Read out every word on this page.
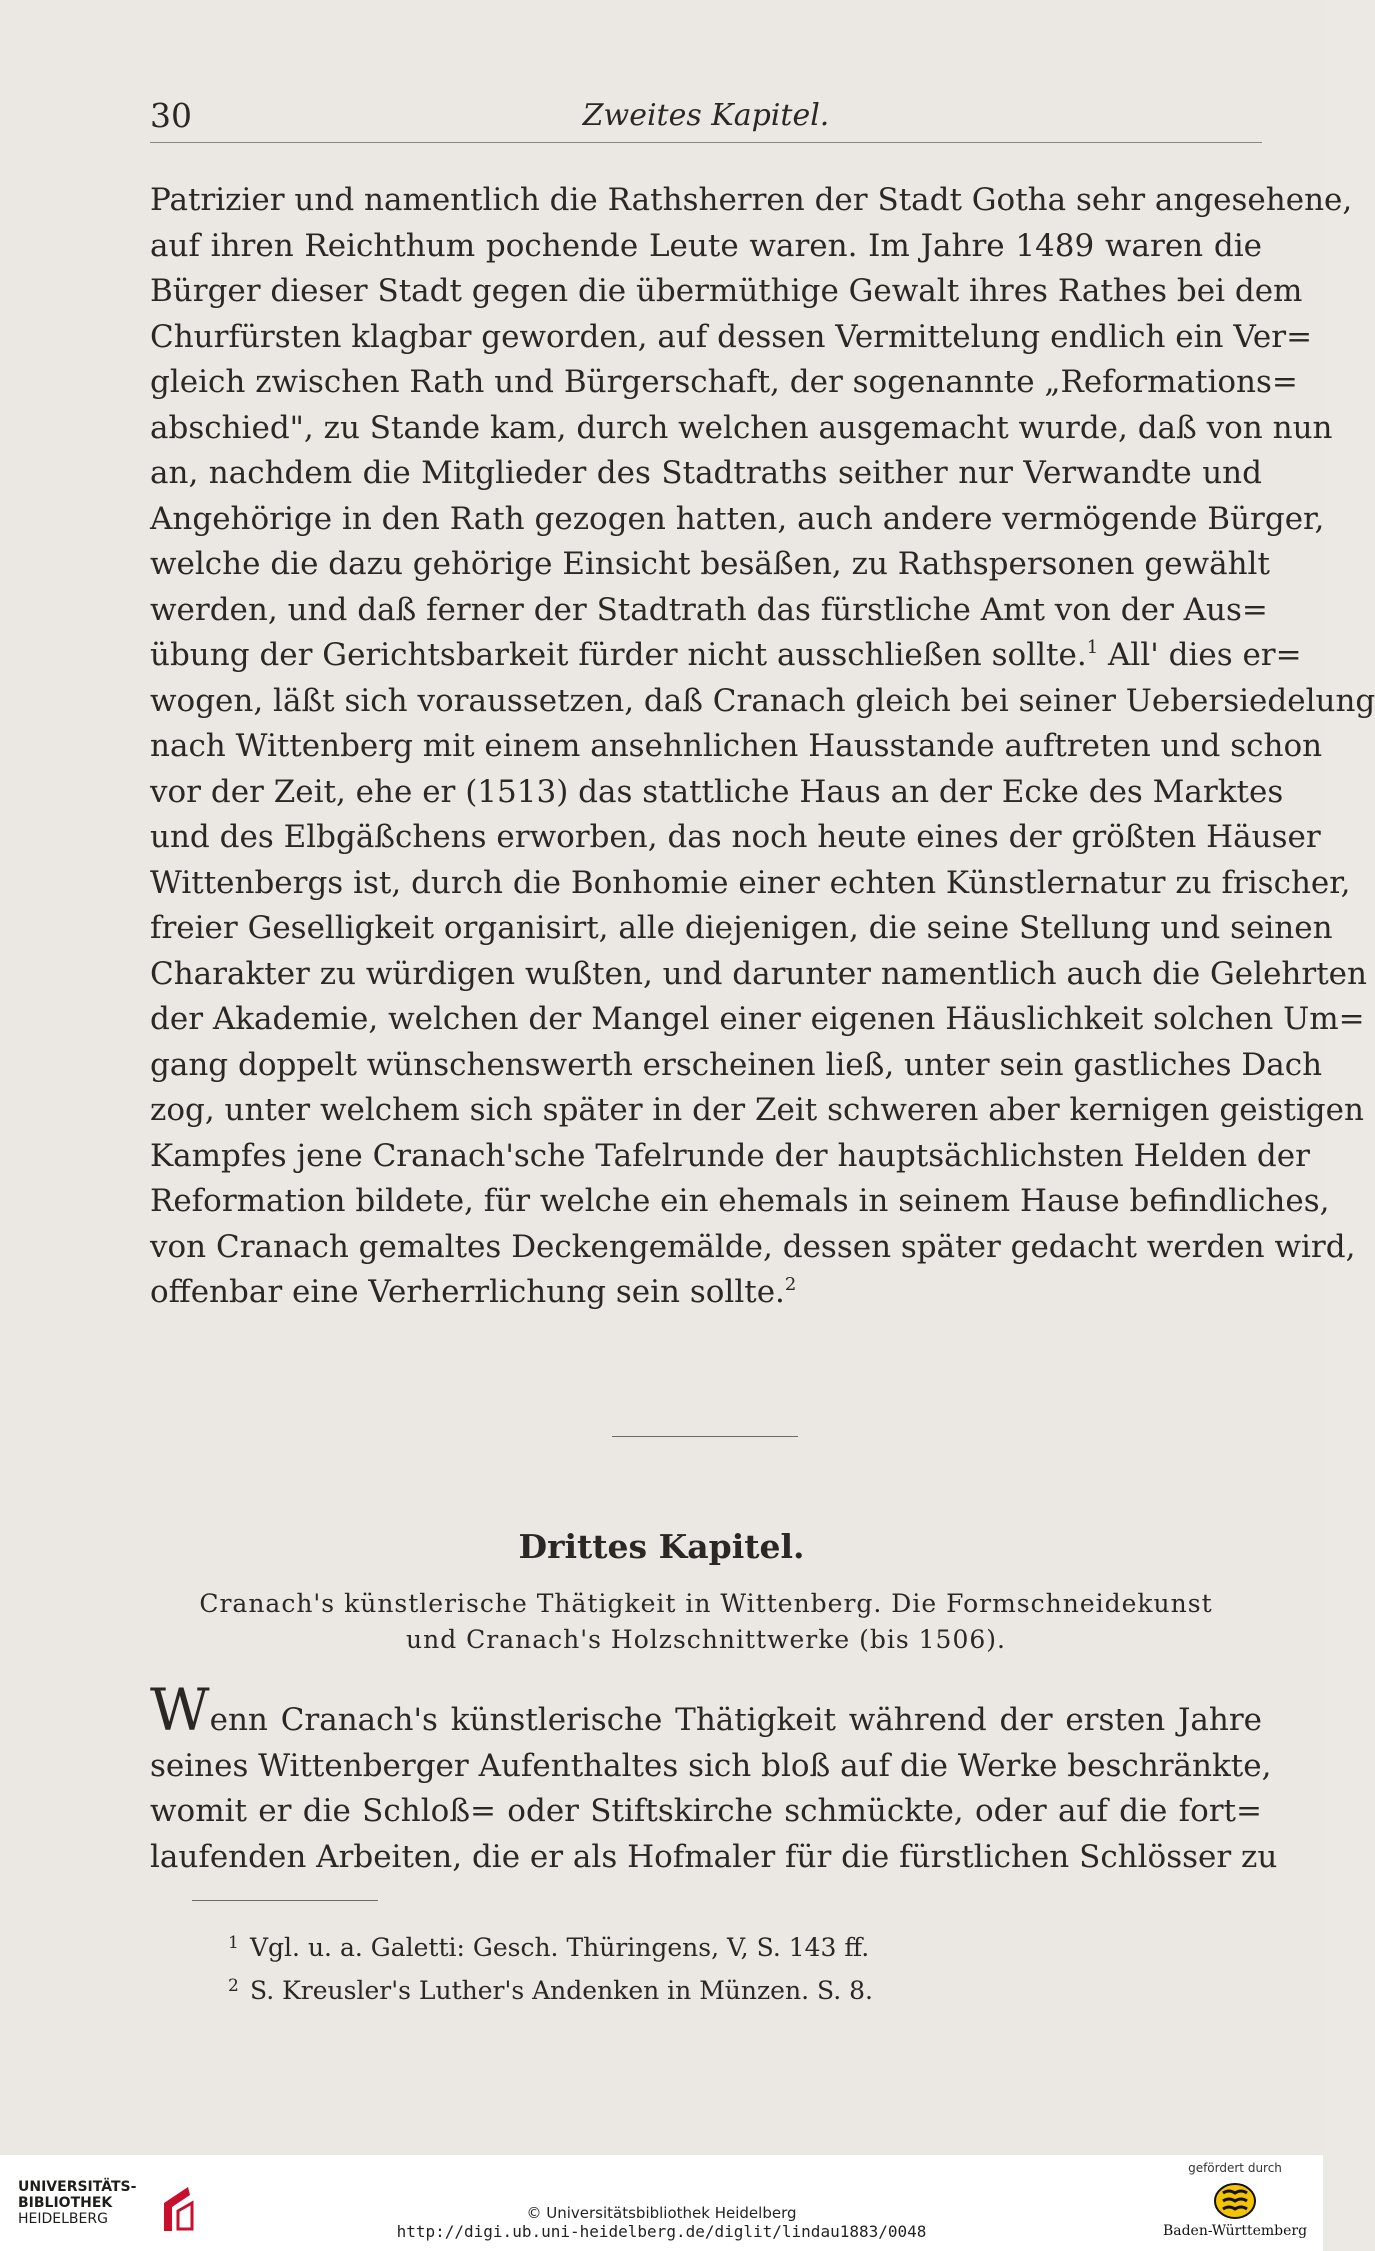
30	Zweites Kapitel.
Patrizier und namentlich die Rathsherren der Stadt Gotha sehr angesehene,
auf ihren Reichthum pochende Leute waren. Im Jahre 1489 waren die
Bürger dieser Stadt gegen die übermüthige Gewalt ihres Rathes bei dem
Churfürsten klagbar geworden, auf dessen Vermittelung endlich ein Ver=
gleich zwischen Rath und Bürgerschaft, der sogenannte „Reformations=
abschied", zu Stande kam, durch welchen ausgemacht wurde, daß von nun
an, nachdem die Mitglieder des Stadtraths seither nur Verwandte und
Angehörige in den Rath gezogen hatten, auch andere vermögende Bürger,
welche die dazu gehörige Einsicht besäßen, zu Rathspersonen gewählt
werden, und daß ferner der Stadtrath das fürstliche Amt von der Aus=
übung der Gerichtsbarkeit fürder nicht ausschließen sollte.$^1$ All' dies er=
wogen, läßt sich voraussetzen, daß Cranach gleich bei seiner Uebersiedelung
nach Wittenberg mit einem ansehnlichen Hausstande auftreten und schon
vor der Zeit, ehe er (1513) das stattliche Haus an der Ecke des Marktes
und des Elbgäßchens erworben, das noch heute eines der größten Häuser
Wittenbergs ist, durch die Bonhomie einer echten Künstlernatur zu frischer,
freier Geselligkeit organisirt, alle diejenigen, die seine Stellung und seinen
Charakter zu würdigen wußten, und darunter namentlich auch die Gelehrten
der Akademie, welchen der Mangel einer eigenen Häuslichkeit solchen Um=
gang doppelt wünschenswerth erscheinen ließ, unter sein gastliches Dach
zog, unter welchem sich später in der Zeit schweren aber kernigen geistigen
Kampfes jene Cranach'sche Tafelrunde der hauptsächlichsten Helden der
Reformation bildete, für welche ein ehemals in seinem Hause befindliches,
von Cranach gemaltes Deckengemälde, dessen später gedacht werden wird,
offenbar eine Verherrlichung sein sollte.$^2$
Drittes Kapitel.
Cranach's künstlerische Thätigkeit in Wittenberg. Die Formschneidekunst
und Cranach's Holzschnittwerke (bis 1506).
Wenn Cranach's künstlerische Thätigkeit während der ersten Jahre
seines Wittenberger Aufenthaltes sich bloß auf die Werke beschränkte,
womit er die Schloß= oder Stiftskirche schmückte, oder auf die fort=
laufenden Arbeiten, die er als Hofmaler für die fürstlichen Schlösser zu
1 Vgl. u. a. Galetti: Gesch. Thüringens, V, S. 143 ff.
2 S. Kreusler's Luther's Andenken in Münzen. S. 8.
UNIVERSITÄTS-
BIBLIOTHEK
HEIDELBERG	© Universitätsbibliothek Heidelberg
http://digi.ub.uni-heidelberg.de/diglit/lindau1883/0048
gefördert durch
Baden-Württemberg
